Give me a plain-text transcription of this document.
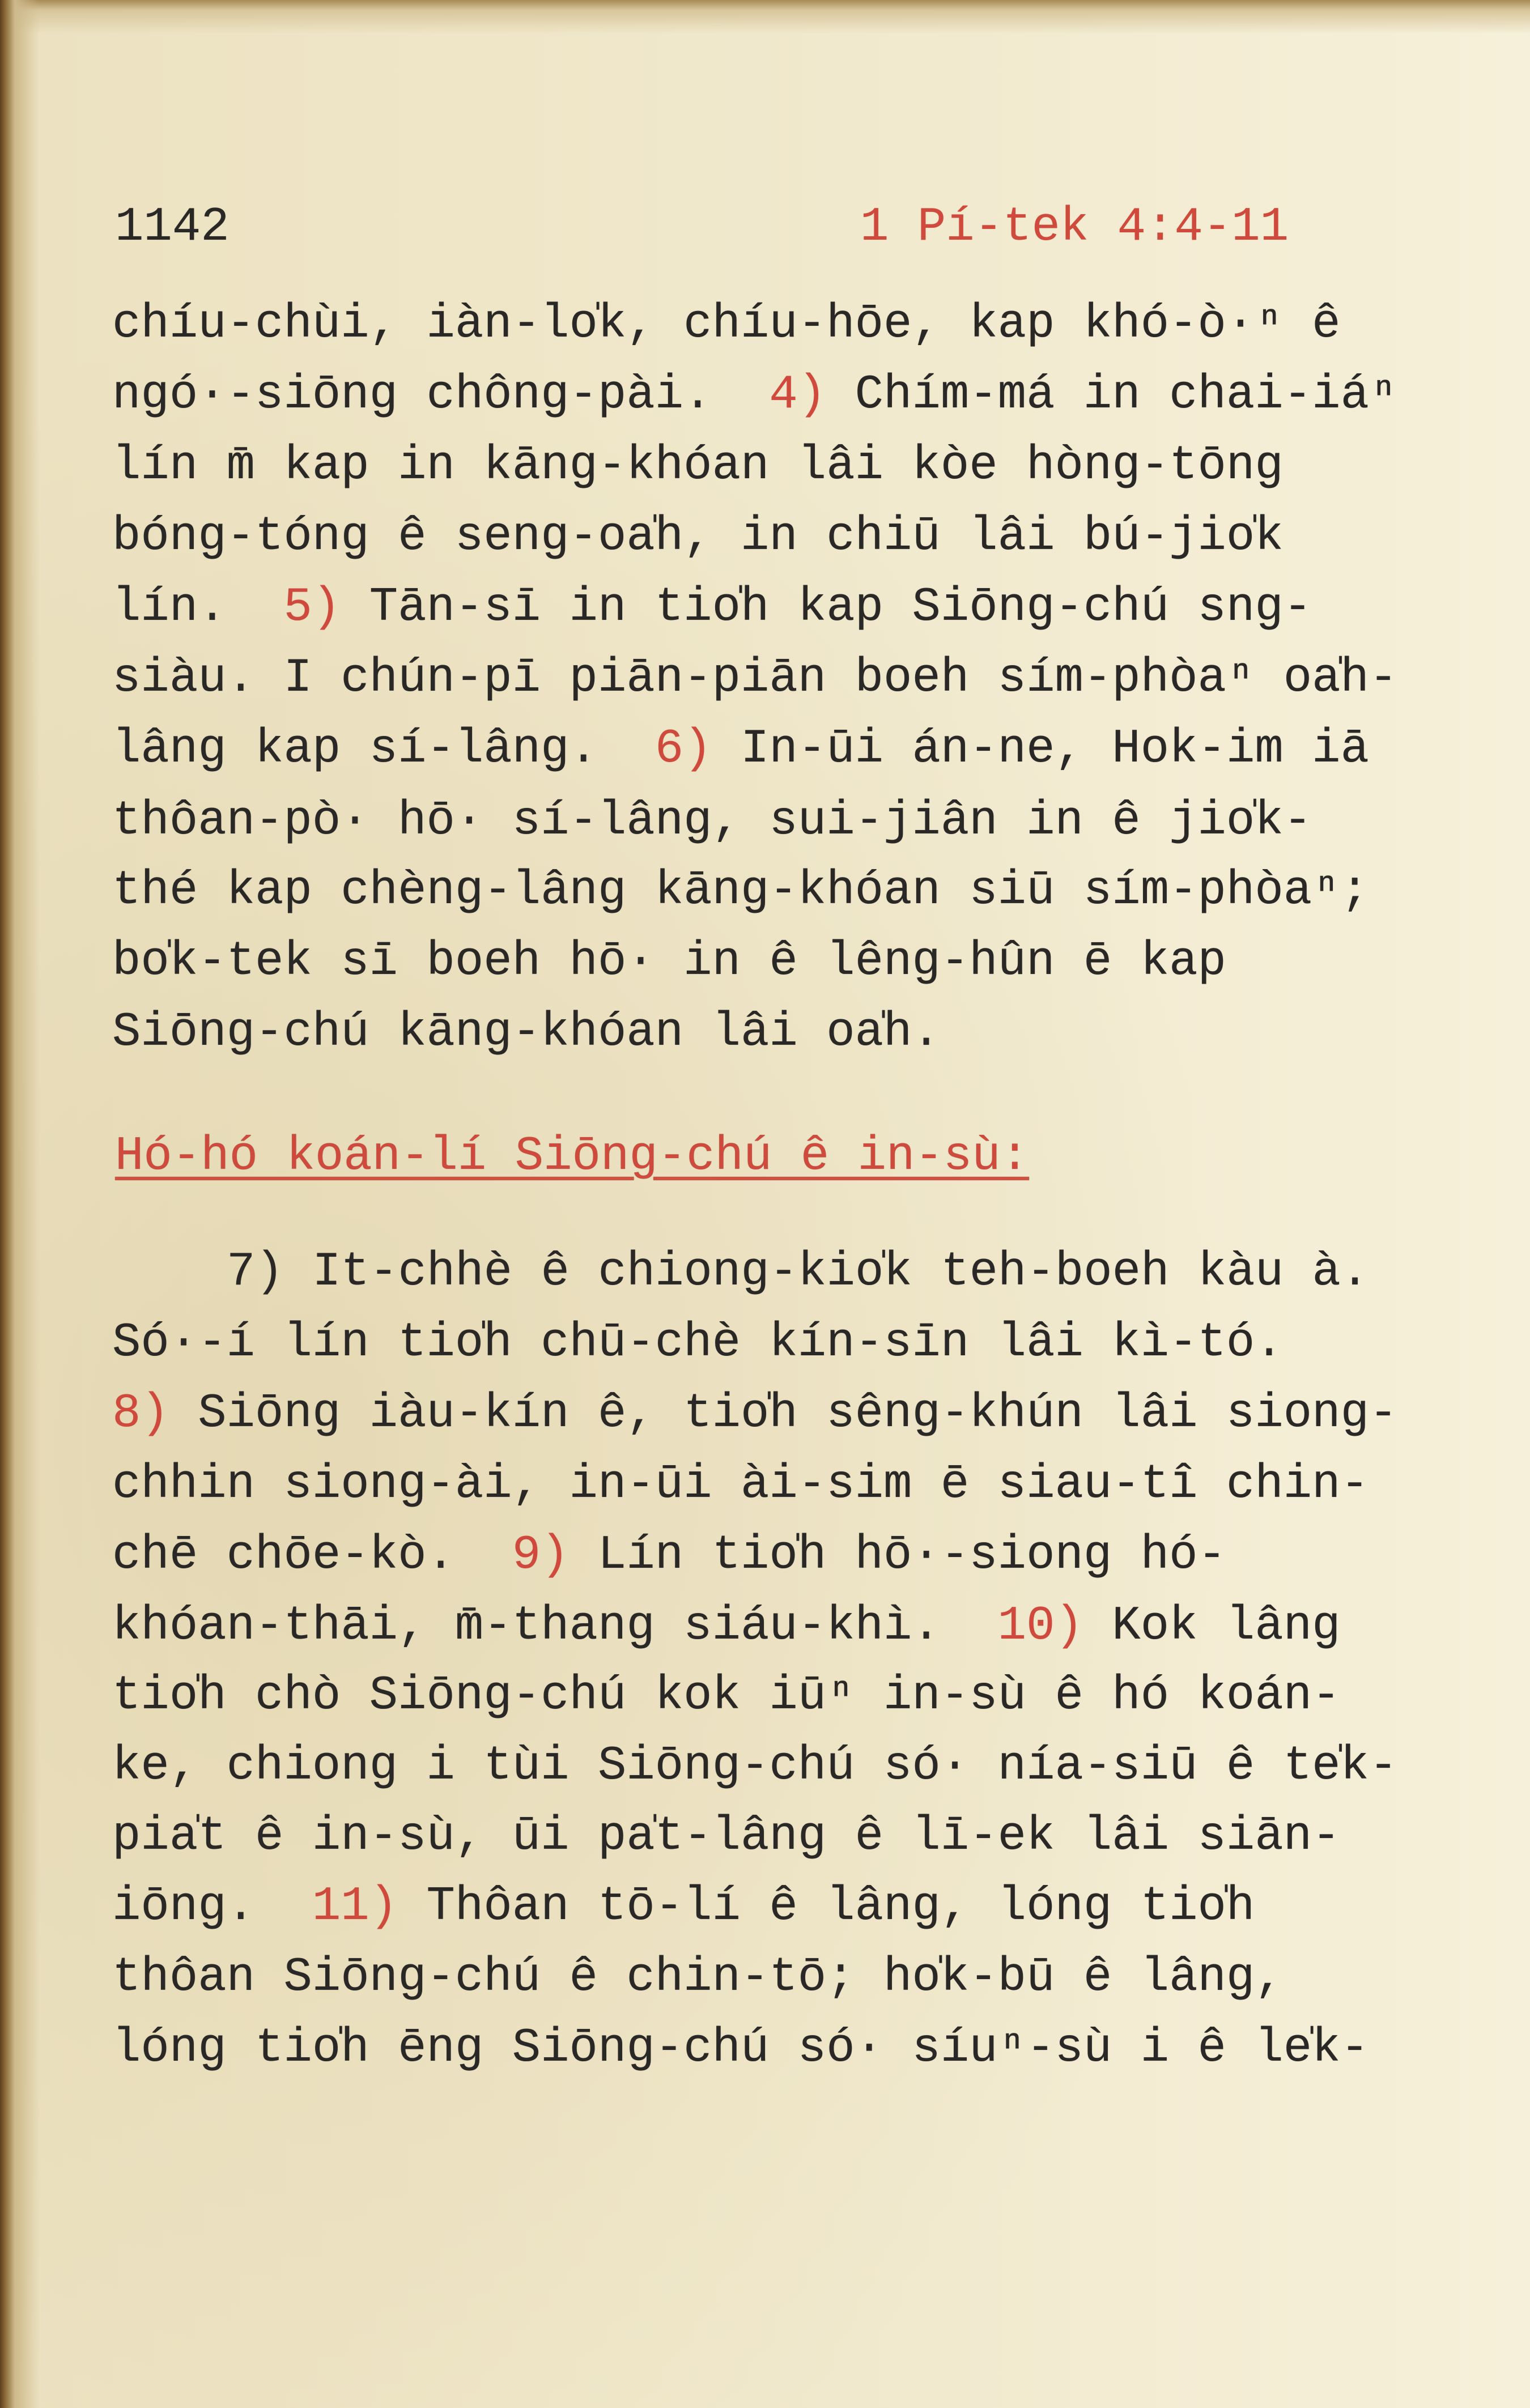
1142	1 Pí-tek 4:4-11
chíu-chùi, iàn-lo̍k, chíu-hōe, kap khó-ò·ⁿ ê
ngó·-siōng chông-pài.  4) Chím-má in chai-iáⁿ
lín m̄ kap in kāng-khóan lâi kòe hòng-tōng
bóng-tóng ê seng-oa̍h, in chiū lâi bú-jio̍k
lín.  5) Tān-sī in tio̍h kap Siōng-chú sng-
siàu. I chún-pī piān-piān boeh sím-phòaⁿ oa̍h-
lâng kap sí-lâng.  6) In-ūi án-ne, Hok-im iā
thôan-pò· hō· sí-lâng, sui-jiân in ê jio̍k-
thé kap chèng-lâng kāng-khóan siū sím-phòaⁿ;
bo̍k-tek sī boeh hō· in ê lêng-hûn ē kap
Siōng-chú kāng-khóan lâi oa̍h.
Hó-hó koán-lí Siōng-chú ê in-sù:
7) It-chhè ê chiong-kio̍k teh-boeh kàu à.
Só·-í lín tio̍h chū-chè kín-sīn lâi kì-tó.
8) Siōng iàu-kín ê, tio̍h sêng-khún lâi siong-
chhin siong-ài, in-ūi ài-sim ē siau-tî chin-
chē chōe-kò.  9) Lín tio̍h hō·-siong hó-
khóan-thāi, m̄-thang siáu-khì.  10) Kok lâng
tio̍h chò Siōng-chú kok iūⁿ in-sù ê hó koán-
ke, chiong i tùi Siōng-chú só· nía-siū ê te̍k-
pia̍t ê in-sù, ūi pa̍t-lâng ê lī-ek lâi siān-
iōng.  11) Thôan tō-lí ê lâng, lóng tio̍h
thôan Siōng-chú ê chin-tō; ho̍k-bū ê lâng,
lóng tio̍h ēng Siōng-chú só· síuⁿ-sù i ê le̍k-
